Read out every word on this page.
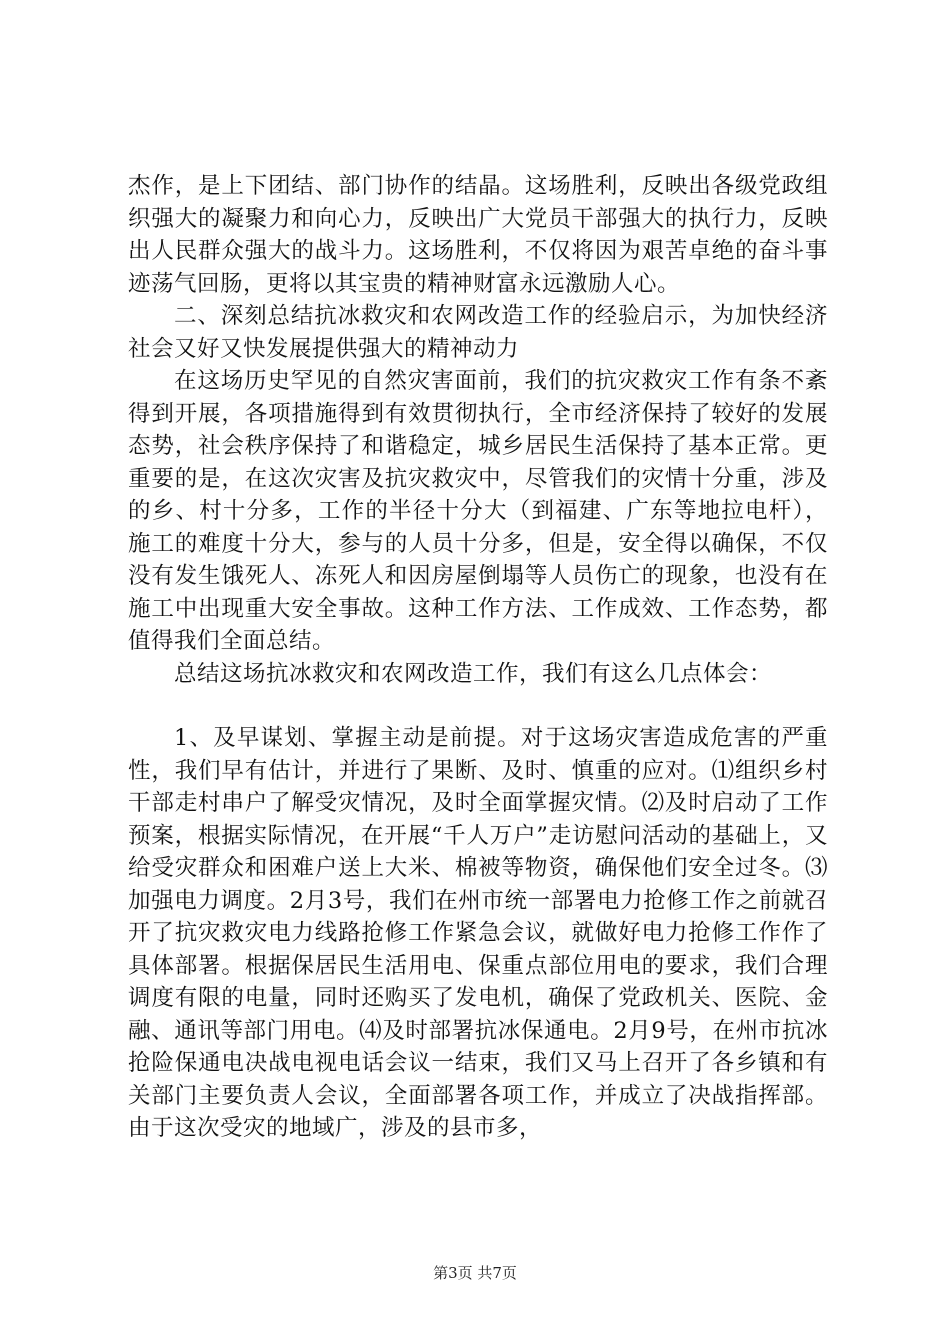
杰作，是上下团结、部门协作的结晶。这场胜利，反映出各级党政组织强大的凝聚力和向心力，反映出广大党员干部强大的执行力，反映出人民群众强大的战斗力。这场胜利，不仅将因为艰苦卓绝的奋斗事迹荡气回肠，更将以其宝贵的精神财富永远激励人心。

二、深刻总结抗冰救灾和农网改造工作的经验启示，为加快经济社会又好又快发展提供强大的精神动力

在这场历史罕见的自然灾害面前，我们的抗灾救灾工作有条不紊得到开展，各项措施得到有效贯彻执行，全市经济保持了较好的发展态势，社会秩序保持了和谐稳定，城乡居民生活保持了基本正常。更重要的是，在这次灾害及抗灾救灾中，尽管我们的灾情十分重，涉及的乡、村十分多，工作的半径十分大（到福建、广东等地拉电杆），施工的难度十分大，参与的人员十分多，但是，安全得以确保，不仅没有发生饿死人、冻死人和因房屋倒塌等人员伤亡的现象，也没有在施工中出现重大安全事故。这种工作方法、工作成效、工作态势，都值得我们全面总结。

总结这场抗冰救灾和农网改造工作，我们有这么几点体会：

1、及早谋划、掌握主动是前提。对于这场灾害造成危害的严重性，我们早有估计，并进行了果断、及时、慎重的应对。⑴组织乡村干部走村串户了解受灾情况，及时全面掌握灾情。⑵及时启动了工作预案，根据实际情况，在开展“千人万户”走访慰问活动的基础上，又给受灾群众和困难户送上大米、棉被等物资，确保他们安全过冬。⑶加强电力调度。2月3号，我们在州市统一部署电力抢修工作之前就召开了抗灾救灾电力线路抢修工作紧急会议，就做好电力抢修工作作了具体部署。根据保居民生活用电、保重点部位用电的要求，我们合理调度有限的电量，同时还购买了发电机，确保了党政机关、医院、金融、通讯等部门用电。⑷及时部署抗冰保通电。2月9号，在州市抗冰抢险保通电决战电视电话会议一结束，我们又马上召开了各乡镇和有关部门主要负责人会议，全面部署各项工作，并成立了决战指挥部。由于这次受灾的地域广，涉及的县市多，

第3页 共7页
